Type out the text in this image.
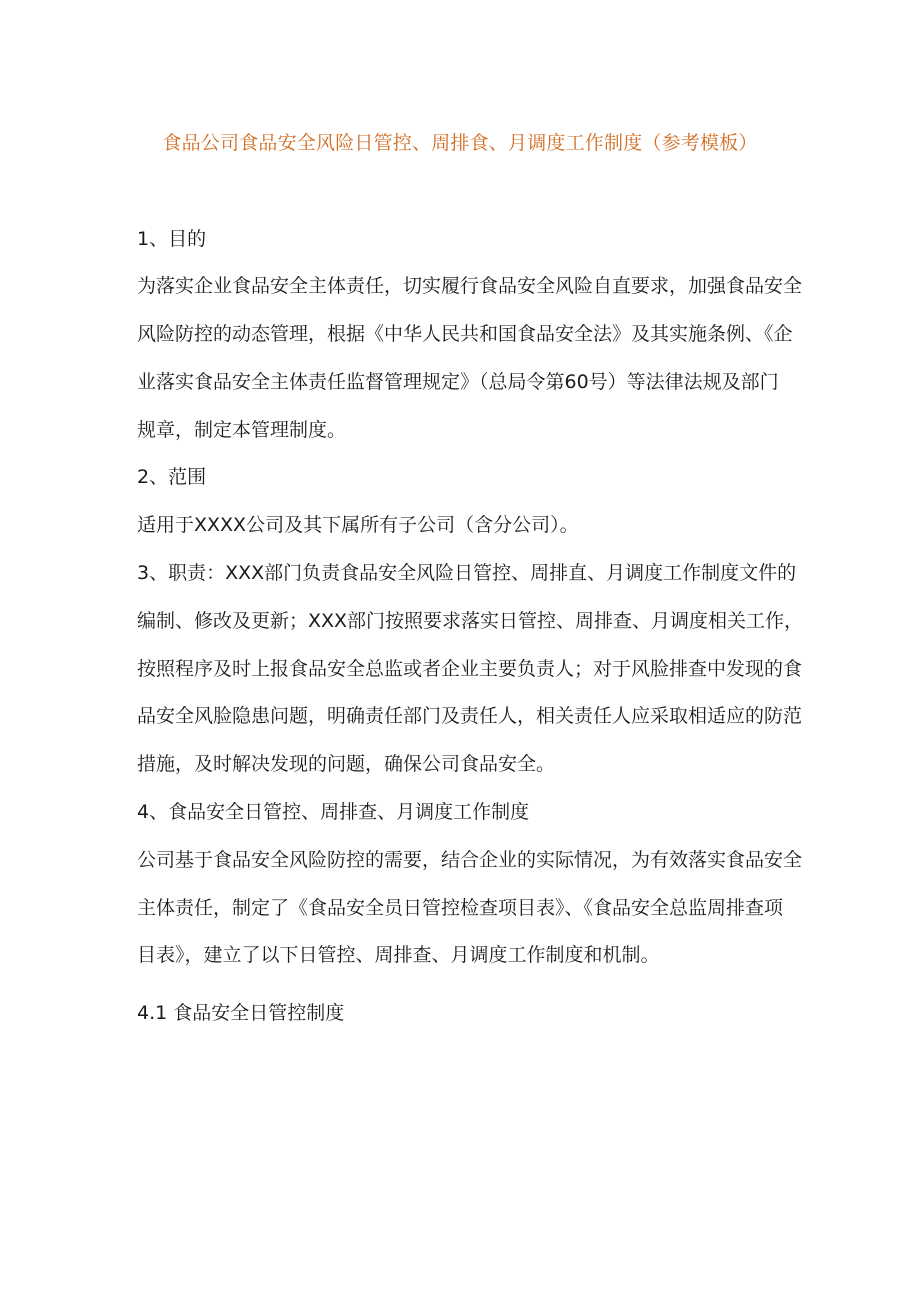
食品公司食品安全风险日管控、周排食、月调度工作制度（参考模板）
1、目的
为落实企业食品安全主体责任，切实履行食品安全风险自直要求，加强食品安全
风险防控的动态管理，根据《中华人民共和国食品安全法》及其实施条例、《企
业落实食品安全主体责任监督管理规定》（总局令第60号）等法律法规及部门
规章，制定本管理制度。
2、范围
适用于XXXX公司及其下属所有子公司（含分公司）。
3、职责：XXX部门负责食品安全风险日管控、周排直、月调度工作制度文件的
编制、修改及更新；XXX部门按照要求落实日管控、周排查、月调度相关工作，
按照程序及时上报食品安全总监或者企业主要负责人；对于风脸排查中发现的食
品安全风脸隐患问题，明确责任部门及责任人，相关责任人应采取相适应的防范
措施，及时解决发现的问题，确保公司食品安全。
4、食品安全日管控、周排查、月调度工作制度
公司基于食品安全风险防控的需要，结合企业的实际情况，为有效落实食品安全
主体责任，制定了《食品安全员日管控检查项目表》、《食品安全总监周排查项
目表》，建立了以下日管控、周排查、月调度工作制度和机制。
4.1 食品安全日管控制度
